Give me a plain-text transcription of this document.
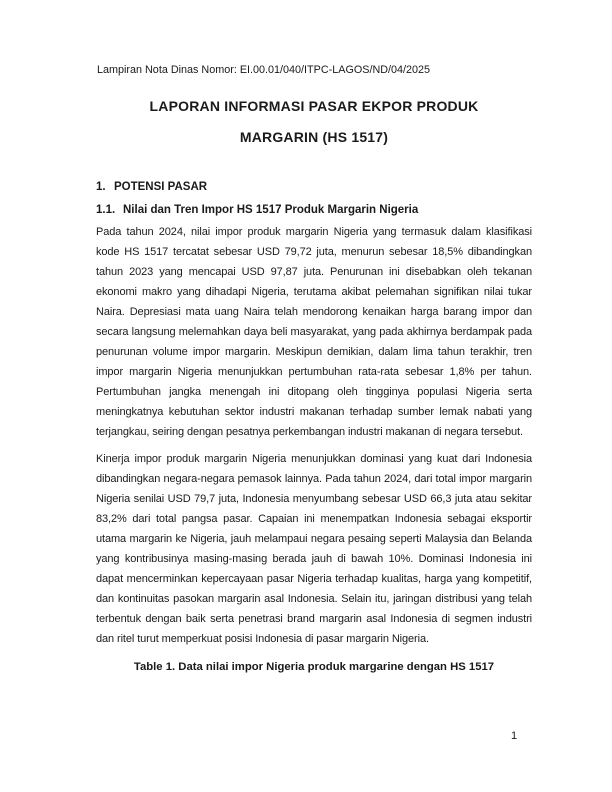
Lampiran Nota Dinas Nomor: EI.00.01/040/ITPC-LAGOS/ND/04/2025
LAPORAN INFORMASI PASAR EKPOR PRODUK
MARGARIN (HS 1517)
1. POTENSI PASAR
1.1. Nilai dan Tren Impor HS 1517 Produk Margarin Nigeria

Pada tahun 2024, nilai impor produk margarin Nigeria yang termasuk dalam klasifikasi kode HS 1517 tercatat sebesar USD 79,72 juta, menurun sebesar 18,5% dibandingkan tahun 2023 yang mencapai USD 97,87 juta. Penurunan ini disebabkan oleh tekanan ekonomi makro yang dihadapi Nigeria, terutama akibat pelemahan signifikan nilai tukar Naira. Depresiasi mata uang Naira telah mendorong kenaikan harga barang impor dan secara langsung melemahkan daya beli masyarakat, yang pada akhirnya berdampak pada penurunan volume impor margarin. Meskipun demikian, dalam lima tahun terakhir, tren impor margarin Nigeria menunjukkan pertumbuhan rata-rata sebesar 1,8% per tahun. Pertumbuhan jangka menengah ini ditopang oleh tingginya populasi Nigeria serta meningkatnya kebutuhan sektor industri makanan terhadap sumber lemak nabati yang terjangkau, seiring dengan pesatnya perkembangan industri makanan di negara tersebut.

Kinerja impor produk margarin Nigeria menunjukkan dominasi yang kuat dari Indonesia dibandingkan negara-negara pemasok lainnya. Pada tahun 2024, dari total impor margarin Nigeria senilai USD 79,7 juta, Indonesia menyumbang sebesar USD 66,3 juta atau sekitar 83,2% dari total pangsa pasar. Capaian ini menempatkan Indonesia sebagai eksportir utama margarin ke Nigeria, jauh melampaui negara pesaing seperti Malaysia dan Belanda yang kontribusinya masing-masing berada jauh di bawah 10%. Dominasi Indonesia ini dapat mencerminkan kepercayaan pasar Nigeria terhadap kualitas, harga yang kompetitif, dan kontinuitas pasokan margarin asal Indonesia. Selain itu, jaringan distribusi yang telah terbentuk dengan baik serta penetrasi brand margarin asal Indonesia di segmen industri dan ritel turut memperkuat posisi Indonesia di pasar margarin Nigeria.

Table 1. Data nilai impor Nigeria produk margarine dengan HS 1517
1
